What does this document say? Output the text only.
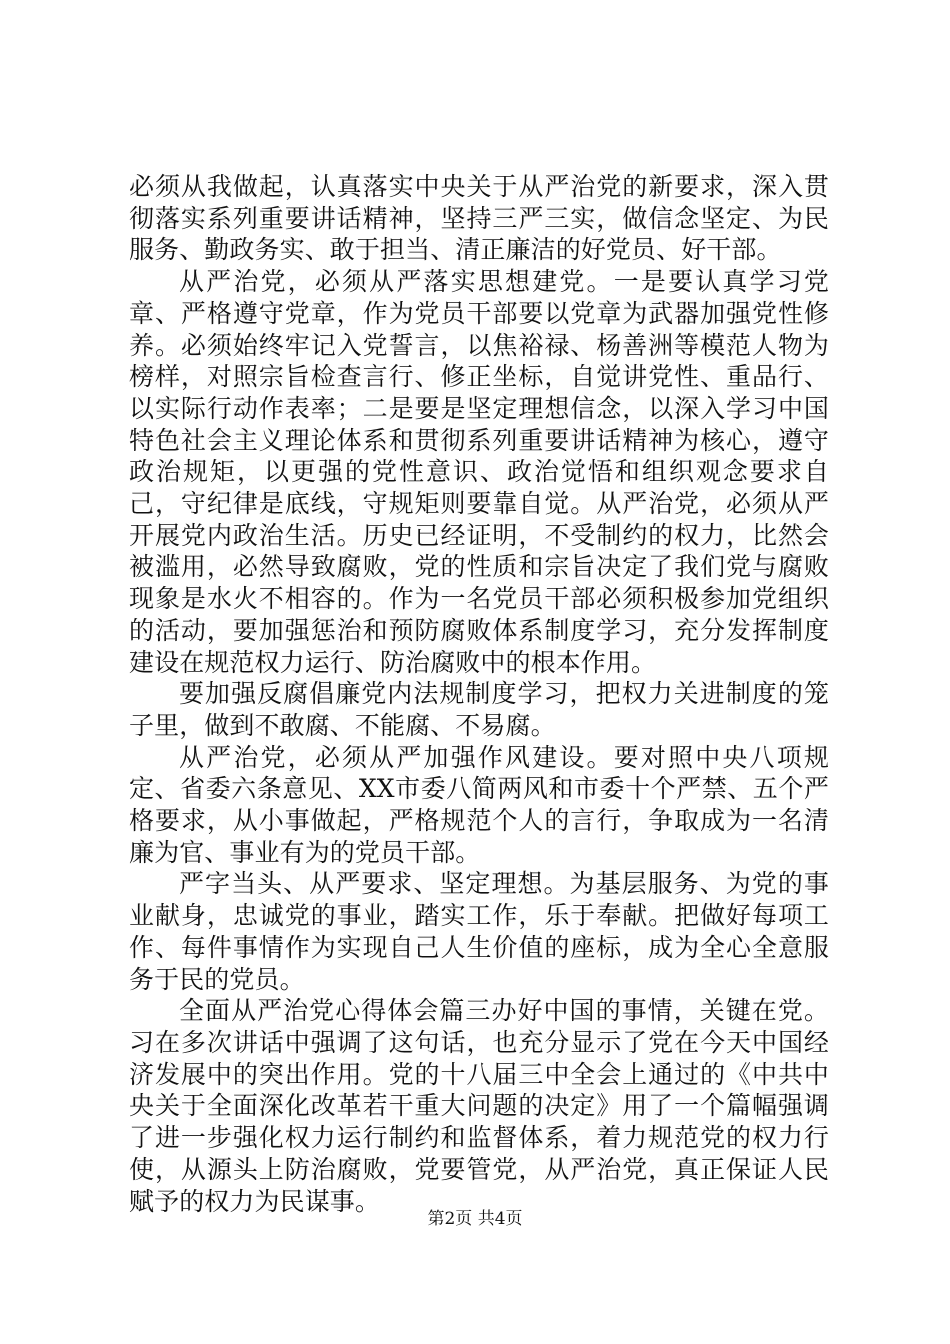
必须从我做起，认真落实中央关于从严治党的新要求，深入贯彻落实系列重要讲话精神，坚持三严三实，做信念坚定、为民服务、勤政务实、敢于担当、清正廉洁的好党员、好干部。

从严治党，必须从严落实思想建党。一是要认真学习党章、严格遵守党章，作为党员干部要以党章为武器加强党性修养。必须始终牢记入党誓言，以焦裕禄、杨善洲等模范人物为榜样，对照宗旨检查言行、修正坐标，自觉讲党性、重品行、以实际行动作表率；二是要是坚定理想信念，以深入学习中国特色社会主义理论体系和贯彻系列重要讲话精神为核心，遵守政治规矩，以更强的党性意识、政治觉悟和组织观念要求自己，守纪律是底线，守规矩则要靠自觉。从严治党，必须从严开展党内政治生活。历史已经证明，不受制约的权力，比然会被滥用，必然导致腐败，党的性质和宗旨决定了我们党与腐败现象是水火不相容的。作为一名党员干部必须积极参加党组织的活动，要加强惩治和预防腐败体系制度学习，充分发挥制度建设在规范权力运行、防治腐败中的根本作用。

要加强反腐倡廉党内法规制度学习，把权力关进制度的笼子里，做到不敢腐、不能腐、不易腐。

从严治党，必须从严加强作风建设。要对照中央八项规定、省委六条意见、XX市委八简两风和市委十个严禁、五个严格要求，从小事做起，严格规范个人的言行，争取成为一名清廉为官、事业有为的党员干部。

严字当头、从严要求、坚定理想。为基层服务、为党的事业献身，忠诚党的事业，踏实工作，乐于奉献。把做好每项工作、每件事情作为实现自己人生价值的座标，成为全心全意服务于民的党员。

全面从严治党心得体会篇三办好中国的事情，关键在党。习在多次讲话中强调了这句话，也充分显示了党在今天中国经济发展中的突出作用。党的十八届三中全会上通过的《中共中央关于全面深化改革若干重大问题的决定》用了一个篇幅强调了进一步强化权力运行制约和监督体系，着力规范党的权力行使，从源头上防治腐败，党要管党，从严治党，真正保证人民赋予的权力为民谋事。

第2页 共4页
